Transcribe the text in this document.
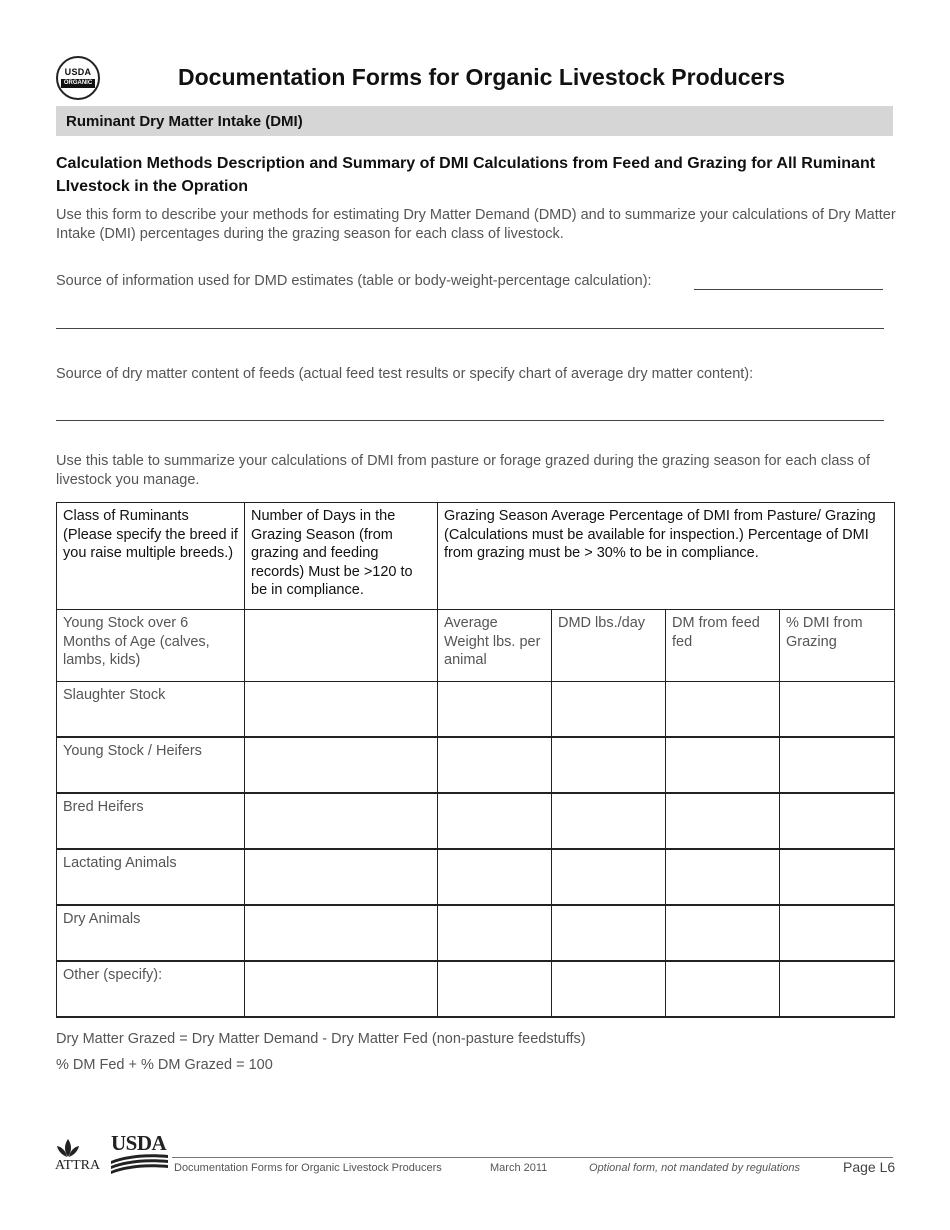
USDA
ORGANIC	Documentation Forms for Organic Livestock Producers
Ruminant Dry Matter Intake (DMI)
Calculation Methods Description and Summary of DMI Calculations from Feed and Grazing for All Ruminant LIvestock in the Opration
Use this form to describe your methods for estimating Dry Matter Demand (DMD) and to summarize your calculations of Dry Matter Intake (DMI) percentages during the grazing season for each class of livestock.
Source of information used for DMD estimates (table or body-weight-percentage calculation):
Source of dry matter content of feeds (actual feed test results or specify chart of average dry matter content):
Use this table to summarize your calculations of DMI from pasture or forage grazed during the grazing season for each class of livestock you manage.
Class of Ruminants (Please specify the breed if you raise multiple breeds.)	Number of Days in the Grazing Season (from grazing and feeding records) Must be >120 to be in compliance.	Grazing Season Average Percentage of DMI from Pasture/ Grazing (Calculations must be available for inspection.) Percentage of DMI from grazing must be > 30% to be in compliance.			
Young Stock over 6 Months of Age (calves, lambs, kids)		Average Weight lbs. per animal	DMD lbs./day	DM from feed fed	% DMI from Grazing
Slaughter Stock					
Young Stock / Heifers					
Bred Heifers					
Lactating Animals					
Dry Animals					
Other (specify):					
Dry Matter Grazed = Dry Matter Demand - Dry Matter Fed (non-pasture feedstuffs)
% DM Fed + % DM Grazed = 100
ATTRA
USDA
Documentation Forms for Organic Livestock Producers	March 2011	Optional form, not mandated by regulations	Page L6
